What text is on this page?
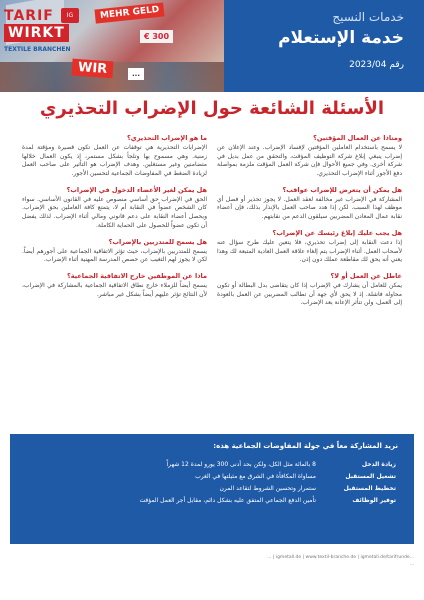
MEHR GELD
300 €
WIR	...
خدمات النسيج
خدمة الإستعلام
رقم 2023/04
TARIF	IG
WIRKT
TEXTILE BRANCHEN
الأسئلة الشائعة حول الإضراب التحذيري
ومتاذا عن العمال المؤقتين؟
لا يسمح باستخدام العاملين المؤقتين لإفساد الإضراب. وعند الإعلان عن إضراب ينبغي إبلاغ شركة التوظيف المؤقت، والتحقق من عمل بديل في شركة أخرى. وفي جميع الأحوال فإن شركة العمل المؤقت ملزمة بمواصلة دفع الأجور أثناء الإضراب التحذيري.
هل يمكن أن يتعرض للإضراب عواقب؟
المشاركة في الإضراب غير مخالفة لعقد العمل. لا يجوز تحذير أو فصل أي موظف لهذا السبب. لكن إذا هدد صاحب العمل بالإنذار بذلك، فإن أعضاء نقابة عمال المعادن المضربين سيلقون الدعم من نقابتهم.
هل يجب عليك إبلاغ رئيسك عن الإضراب؟
إذا دعت النقابة إلى إضراب تحذيري، فلا يتعين عليك طرح سؤال عنه لأصحاب العمل. أثناء الإضراب يتم إلغاء علاقة العمل العادية المتبعة لك وهذا يعني أنه يحق لك مقاطعة عملك دون إذن.
عاطل عن العمل أو لا؟
يمكن للعامل أن يشارك في الإضراب إذا كان يتقاضى بدل البطالة أو تكون محاولة فاشلة. إذ لا يحق لأي جهة أن تطالب المضربين عن العمل بالعودة إلى العمل، ولن تتأثر الإعانة بعد الإضراب.
ما هو الإضراب التحذيري؟
الإضرابات التحذيرية هي توقفات عن العمل تكون قصيرة ومؤقتة لمدة زمنية. وهي مسموح بها وتلجأ بشكل مستمر، إذ يكون العمال خلالها متضامنين وغير مستغلين. وهدف الإضراب هو التأثير على صاحب العمل لزيادة الضغط في المفاوضات الجماعية لتحسين الأجور.
هل يمكن لغير الأعضاء الدخول في الإضراب؟
الحق في الإضراب حق أساسي منصوص عليه في القانون الأساسي. سواء كان الشخص عضواً في النقابة أم لا، يتمتع كافة العاملين بحق الإضراب. ويحصل أعضاء النقابة على دعم قانوني ومالي أثناء الإضراب. لذلك يفضل أن تكون عضواً للحصول على الحماية الكاملة.
هل يسمح للمتدربين بالإضراب؟
يسمح للمتدربين بالإضراب، حيث تؤثر الاتفاقية الجماعية على أجورهم أيضاً. لكن لا يجوز لهم التغيب عن حصص المدرسة المهنية أثناء الإضراب.
ماذا عن الموظفين خارج الاتفاقية الجماعية؟
يسمح أيضاً للزملاء خارج نطاق الاتفاقية الجماعية بالمشاركة في الإضراب، لأن النتائج تؤثر عليهم أيضاً بشكل غير مباشر.
نريد المشاركة معاً في جولة المفاوضات الجماعية هذه:
زيادة الدخل
8 بالمائة مثل الكل، ولكن بحد أدنى 300 يورو لمدة 12 شهراً
تشغيل المستقبل
مساواة المكافأة في الشرق مع مثيلتها في الغرب
تخطيط المستقبل
ستمرار وتحسين الشروط لتقاعد المرن
توفير الوظائف
تأمين الدفع الجماعي المتفق عليه بشكل دائم، مقابل أجر العمل المؤقت
...igmetall.de | www.textil-branche.de | igmetall.de/tarifrunde | ...
...
